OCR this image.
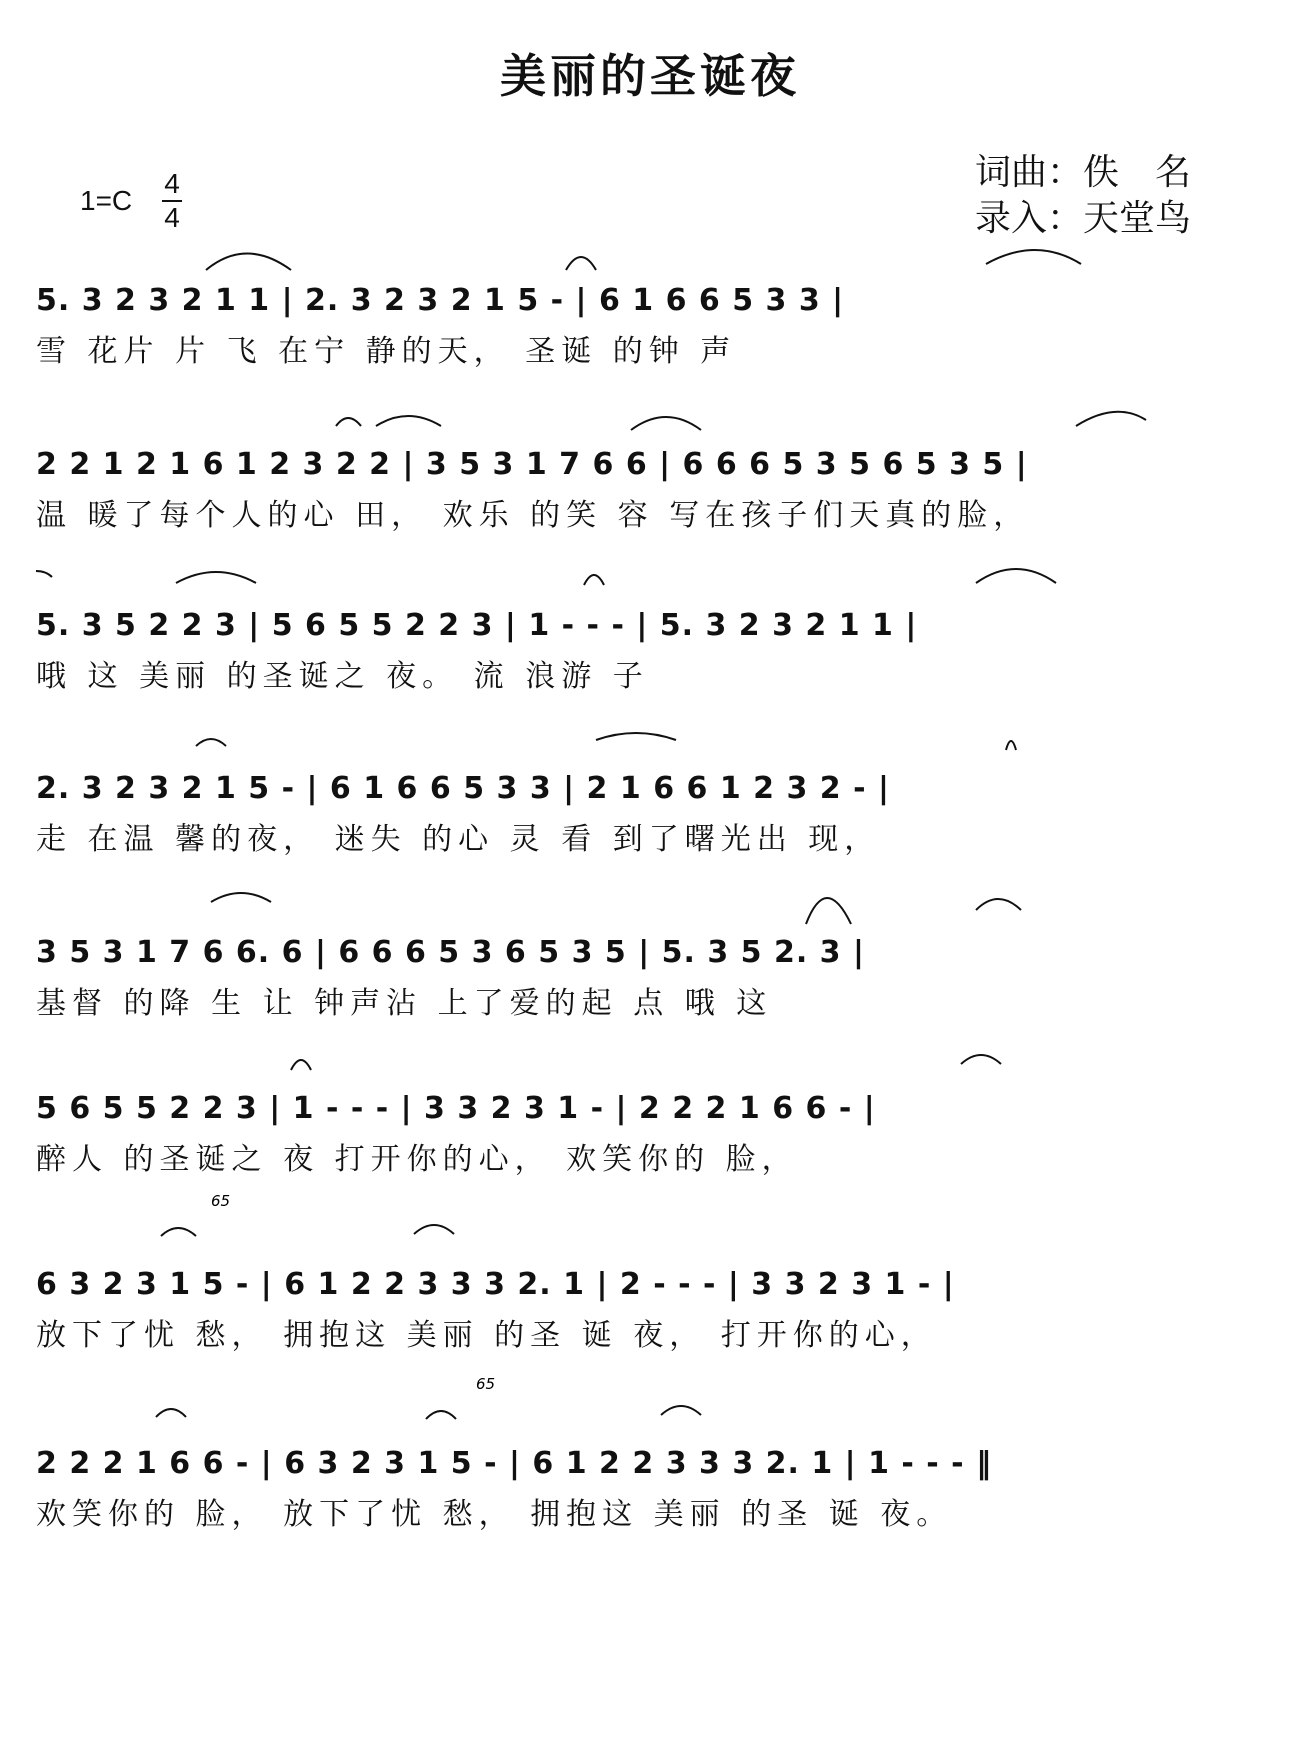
美丽的圣诞夜
1=C
4
4
词曲：佚　名
录入：天堂鸟
5. 3 2 3 2 1 1 | 2. 3 2 3 2 1 5 - | 6 1 6 6 5 3 3 |
雪 花片 片 飞 在宁 静的天， 圣诞 的钟 声
2 2 1 2 1 6 1 2 3 2 2 | 3 5 3 1 7 6 6 | 6 6 6 5 3 5 6 5 3 5 |
温 暖了每个人的心 田， 欢乐 的笑 容 写在孩子们天真的脸，
5. 3 5 2 2 3 | 5 6 5 5 2 2 3 | 1 - - - | 5. 3 2 3 2 1 1 |
哦 这 美丽 的圣诞之 夜。 流 浪游 子
2. 3 2 3 2 1 5 - | 6 1 6 6 5 3 3 | 2 1 6 6 1 2 3 2 - |
走 在温 馨的夜， 迷失 的心 灵 看 到了曙光出 现，
3 5 3 1 7 6 6. 6 | 6 6 6 5 3 6 5 3 5 | 5. 3 5 2. 3 |
基督 的降 生 让 钟声沾 上了爱的起 点 哦 这
5 6 5 5 2 2 3 | 1 - - - | 3 3 2 3 1 - | 2 2 2 1 6 6 - |
醉人 的圣诞之 夜 打开你的心， 欢笑你的 脸，
65
6 3 2 3 1 5 - | 6 1 2 2 3 3 3 2. 1 | 2 - - - | 3 3 2 3 1 - |
放下了忧 愁， 拥抱这 美丽 的圣 诞 夜， 打开你的心，
65
2 2 2 1 6 6 - | 6 3 2 3 1 5 - | 6 1 2 2 3 3 3 2. 1 | 1 - - - ‖
欢笑你的 脸， 放下了忧 愁， 拥抱这 美丽 的圣 诞 夜。
